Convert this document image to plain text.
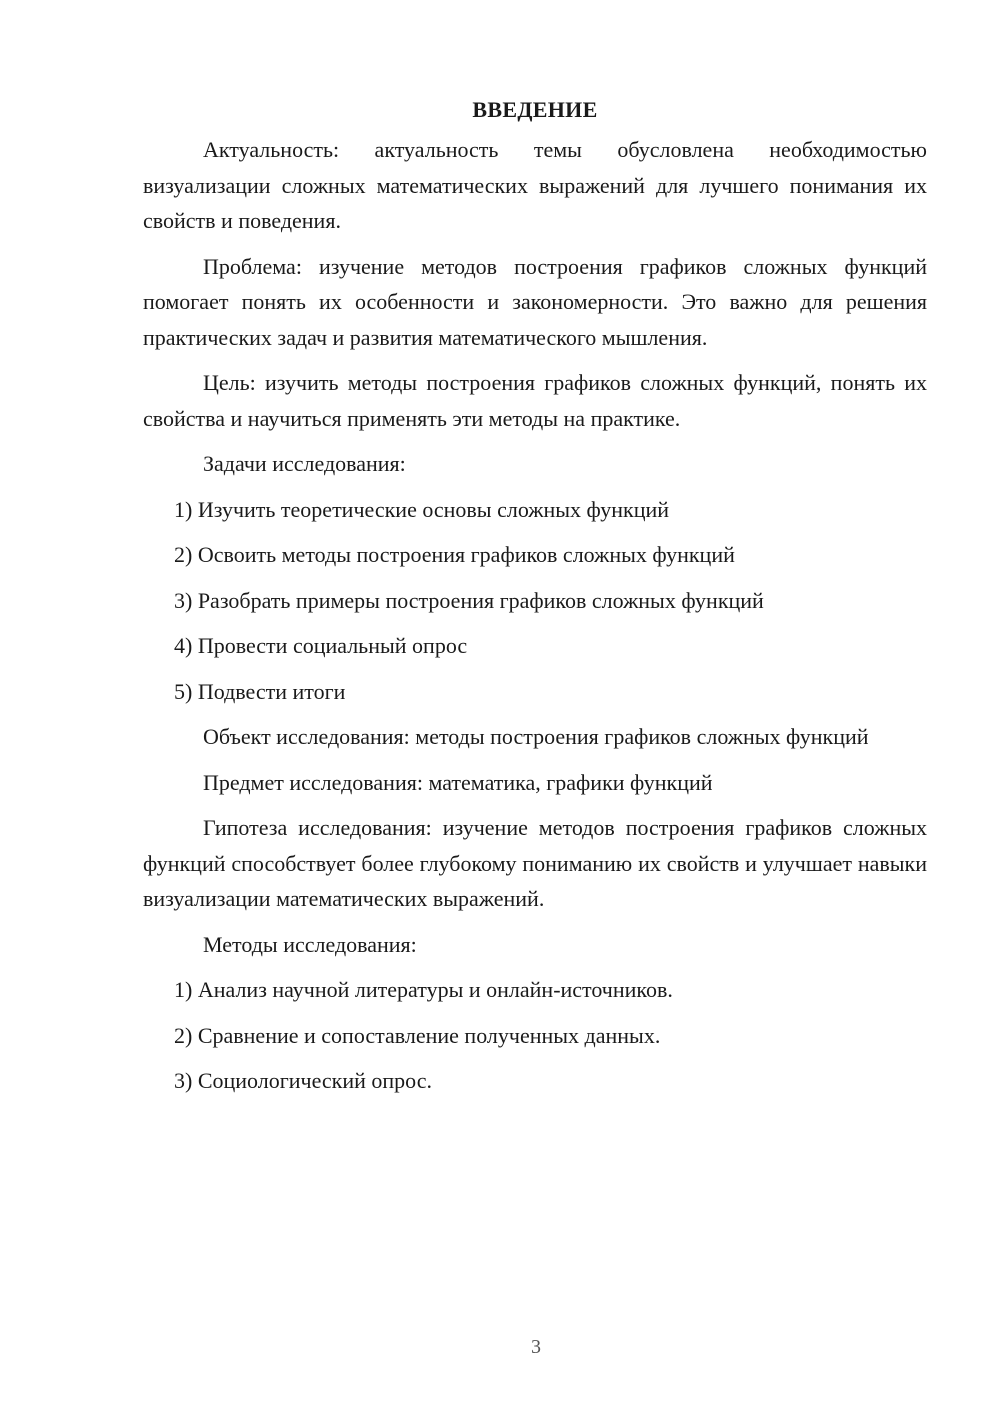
ВВЕДЕНИЕ

Актуальность: актуальность темы обусловлена необходимостью визуализации сложных математических выражений для лучшего понимания их свойств и поведения.

Проблема: изучение методов построения графиков сложных функций помогает понять их особенности и закономерности. Это важно для решения практических задач и развития математического мышления.

Цель: изучить методы построения графиков сложных функций, понять их свойства и научиться применять эти методы на практике.

Задачи исследования:

1) Изучить теоретические основы сложных функций
2) Освоить методы построения графиков сложных функций
3) Разобрать примеры построения графиков сложных функций
4) Провести социальный опрос
5) Подвести итоги

Объект исследования: методы построения графиков сложных функций

Предмет исследования: математика, графики функций

Гипотеза исследования: изучение методов построения графиков сложных функций способствует более глубокому пониманию их свойств и улучшает навыки визуализации математических выражений.

Методы исследования:

1) Анализ научной литературы и онлайн-источников.
2) Сравнение и сопоставление полученных данных.
3) Социологический опрос.
3
